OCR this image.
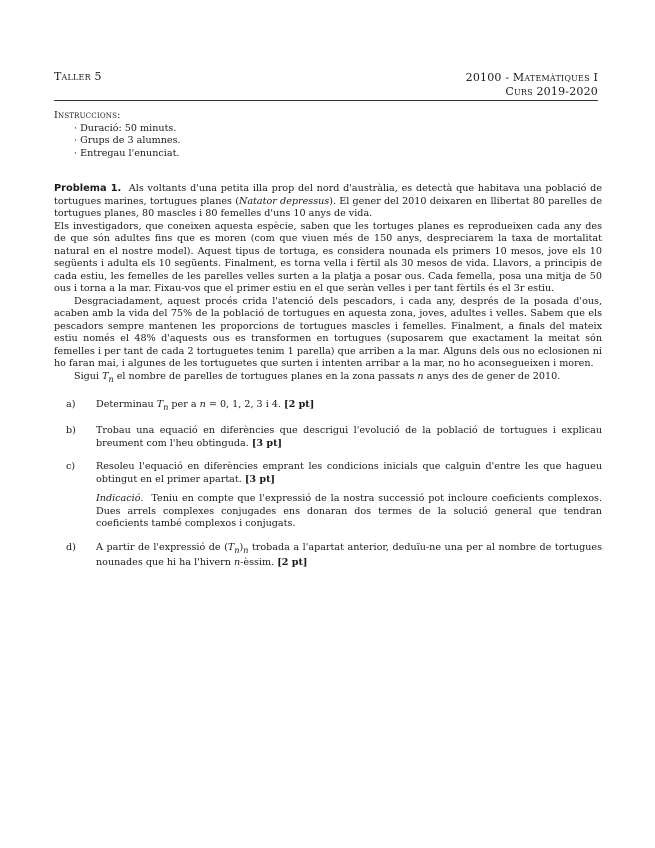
Taller 5	20100 - Matemàtiques I
Curs 2019-2020
Instruccions:
· Duració: 50 minuts.
· Grups de 3 alumnes.
· Entregau l'enunciat.

Problema 1. Als voltants d'una petita illa prop del nord d'austràlia, es detectà que habitava una població de tortugues marines, tortugues planes (Natator depressus). El gener del 2010 deixaren en llibertat 80 parelles de tortugues planes, 80 mascles i 80 femelles d'uns 10 anys de vida.

Els investigadors, que coneixen aquesta espècie, saben que les tortuges planes es reprodueixen cada any des de que són adultes fins que es moren (com que viuen més de 150 anys, despreciarem la taxa de mortalitat natural en el nostre model). Aquest tipus de tortuga, es considera nounada els primers 10 mesos, jove els 10 següents i adulta els 10 següents. Finalment, es torna vella i fèrtil als 30 mesos de vida. Llavors, a principis de cada estiu, les femelles de les parelles velles surten a la platja a posar ous. Cada femella, posa una mitja de 50 ous i torna a la mar. Fixau-vos que el primer estiu en el que seràn velles i per tant fèrtils és el 3r estiu.

Desgraciadament, aquest procés crida l'atenció dels pescadors, i cada any, després de la posada d'ous, acaben amb la vida del 75% de la població de tortugues en aquesta zona, joves, adultes i velles. Sabem que els pescadors sempre mantenen les proporcions de tortugues mascles i femelles. Finalment, a finals del mateix estiu només el 48% d'aquests ous es transformen en tortugues (suposarem que exactament la meitat són femelles i per tant de cada 2 tortuguetes tenim 1 parella) que arriben a la mar. Alguns dels ous no eclosionen ni ho faran mai, i algunes de les tortuguetes que surten i intenten arribar a la mar, no ho aconsegueixen i moren.

Sigui $T_n$ el nombre de parelles de tortugues planes en la zona passats n anys des de gener de 2010.

a)	Determinau $T_n$ per a n = 0, 1, 2, 3 i 4. [2 pt]
b)	Trobau una equació en diferències que descrigui l'evolució de la població de tortugues i explicau breument com l'heu obtinguda. [3 pt]
c)	Resoleu l'equació en diferències emprant les condicions inicials que calguin d'entre les que hagueu obtingut en el primer apartat. [3 pt]
Indicació. Teniu en compte que l'expressió de la nostra successió pot incloure coeficients complexos. Dues arrels complexes conjugades ens donaran dos termes de la solució general que tendran coeficients també complexos i conjugats.
d)	A partir de l'expressió de $(T_n)_n$ trobada a l'apartat anterior, deduïu-ne una per al nombre de tortugues nounades que hi ha l'hivern n-èssim. [2 pt]
